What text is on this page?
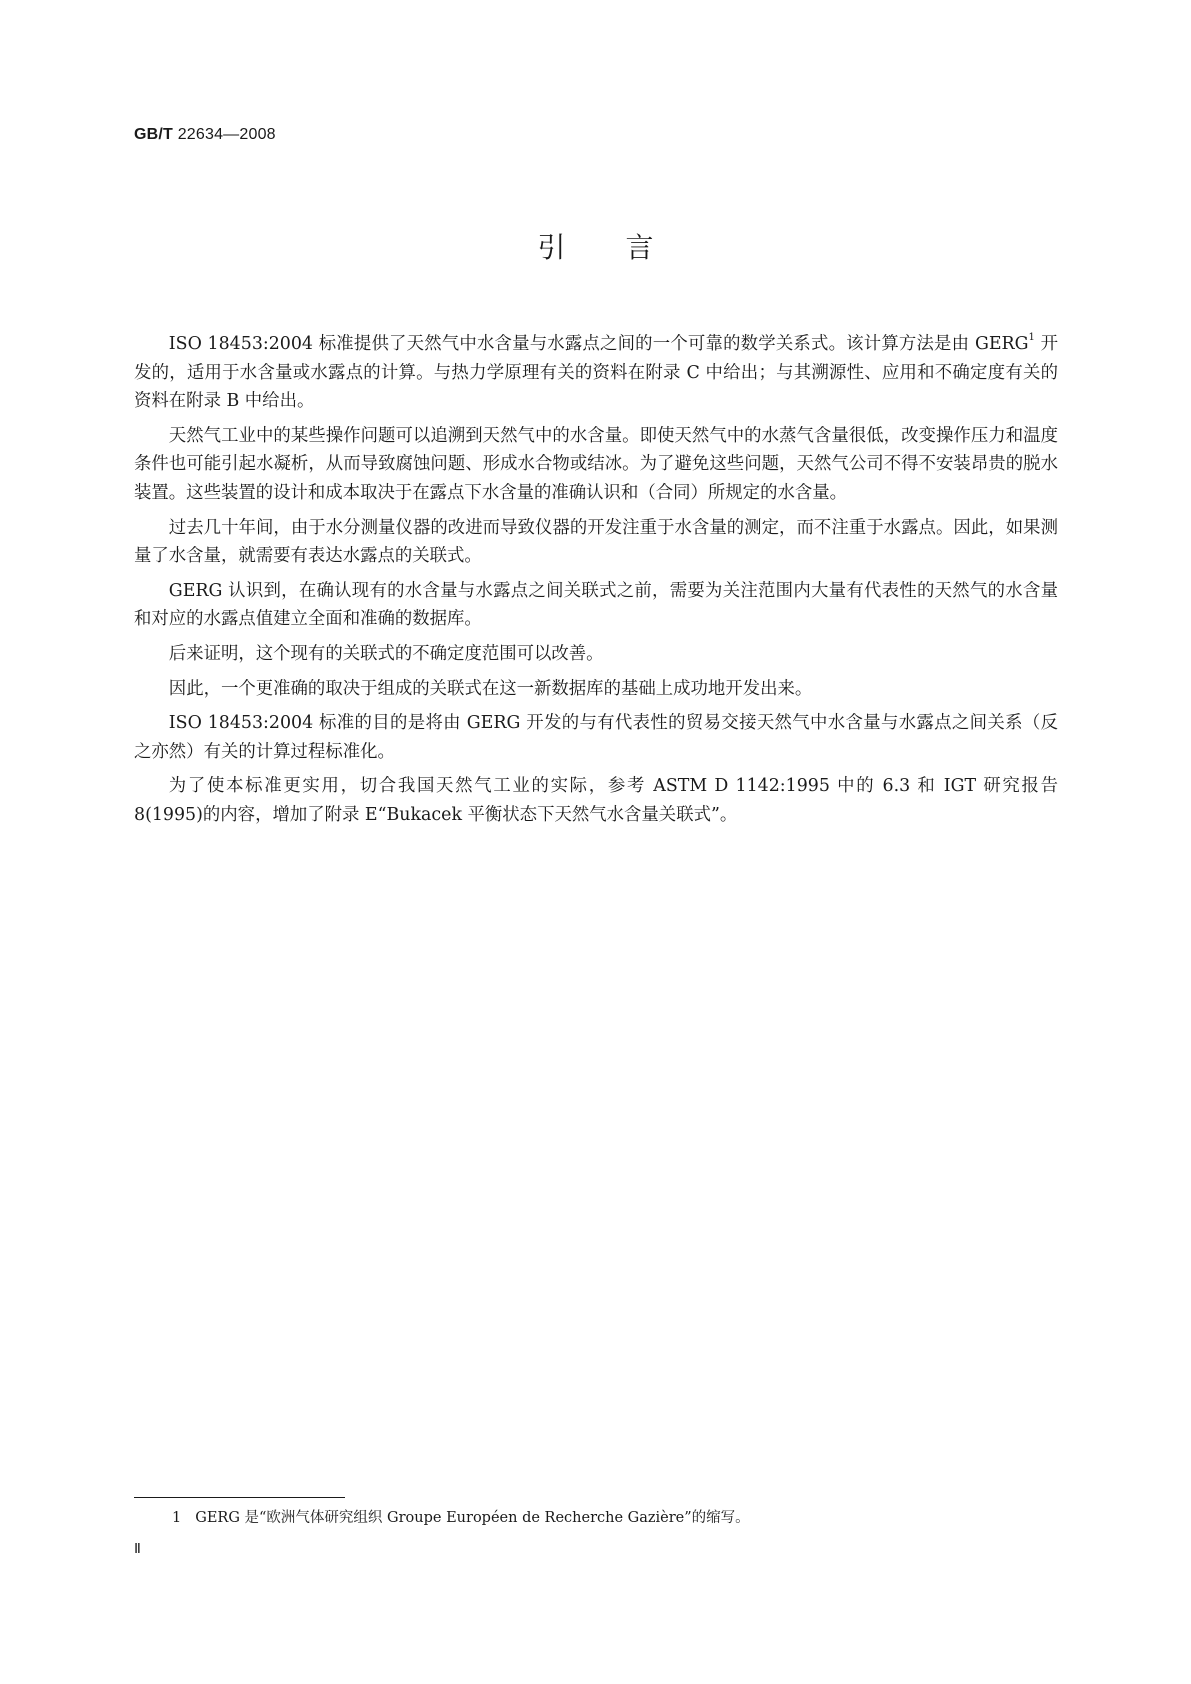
GB/T 22634—2008
引言

ISO 18453:2004 标准提供了天然气中水含量与水露点之间的一个可靠的数学关系式。该计算方法是由 GERG$^1$ 开发的，适用于水含量或水露点的计算。与热力学原理有关的资料在附录 C 中给出；与其溯源性、应用和不确定度有关的资料在附录 B 中给出。

天然气工业中的某些操作问题可以追溯到天然气中的水含量。即使天然气中的水蒸气含量很低，改变操作压力和温度条件也可能引起水凝析，从而导致腐蚀问题、形成水合物或结冰。为了避免这些问题，天然气公司不得不安装昂贵的脱水装置。这些装置的设计和成本取决于在露点下水含量的准确认识和（合同）所规定的水含量。

过去几十年间，由于水分测量仪器的改进而导致仪器的开发注重于水含量的测定，而不注重于水露点。因此，如果测量了水含量，就需要有表达水露点的关联式。

GERG 认识到，在确认现有的水含量与水露点之间关联式之前，需要为关注范围内大量有代表性的天然气的水含量和对应的水露点值建立全面和准确的数据库。

后来证明，这个现有的关联式的不确定度范围可以改善。

因此，一个更准确的取决于组成的关联式在这一新数据库的基础上成功地开发出来。

ISO 18453:2004 标准的目的是将由 GERG 开发的与有代表性的贸易交接天然气中水含量与水露点之间关系（反之亦然）有关的计算过程标准化。

为了使本标准更实用，切合我国天然气工业的实际，参考 ASTM D 1142:1995 中的 6.3 和 IGT 研究报告 8(1995)的内容，增加了附录 E“Bukacek 平衡状态下天然气水含量关联式”。

1 GERG 是“欧洲气体研究组织 Groupe Européen de Recherche Gazière”的缩写。
Ⅱ
